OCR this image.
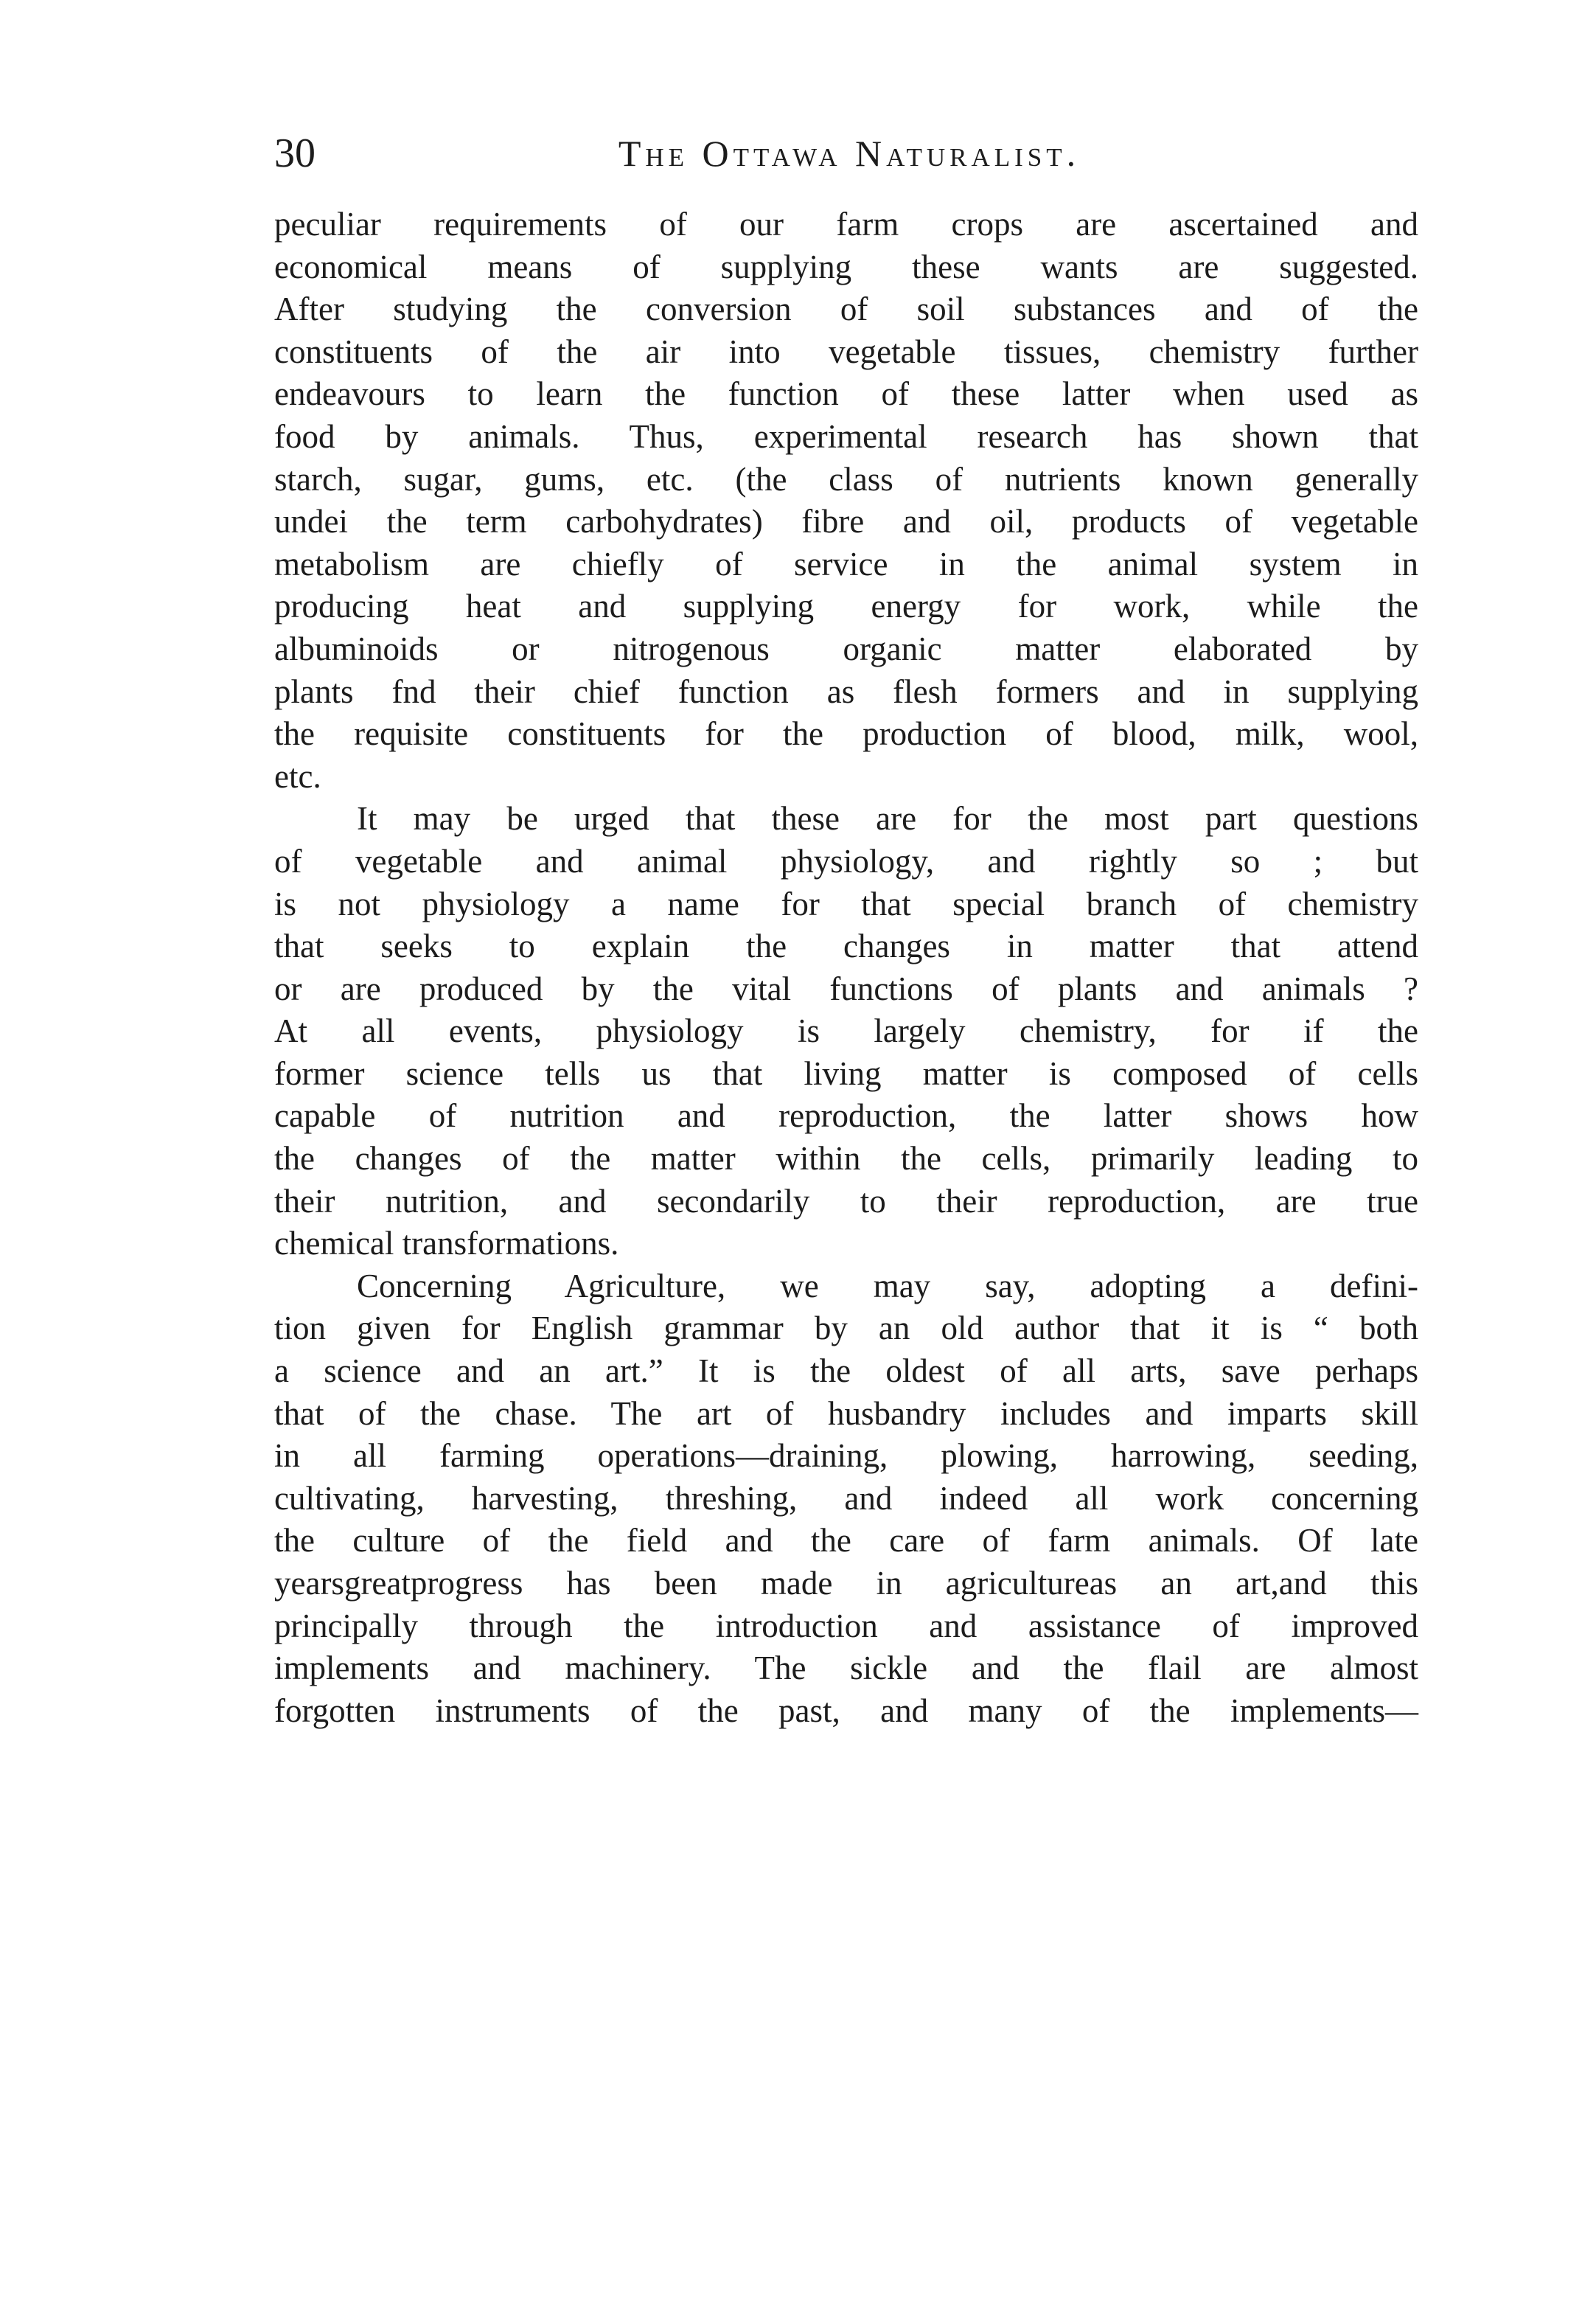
30	The Ottawa Naturalist.
peculiar requirements of our farm crops are ascertained and
economical means of supplying these wants are suggested.
After studying the conversion of soil substances and of the
constituents of the air into vegetable tissues, chemistry further
endeavours to learn the function of these latter when used as
food by animals. Thus, experimental research has shown that
starch, sugar, gums, etc. (the class of nutrients known generally
undei the term carbohydrates) fibre and oil, products of vegetable
metabolism are chiefly of service in the animal system in
producing heat and supplying energy for work, while the
albuminoids or nitrogenous organic matter elaborated by
plants fnd their chief function as flesh formers and in supplying
the requisite constituents for the production of blood, milk, wool,
etc.
It may be urged that these are for the most part questions
of vegetable and animal physiology, and rightly so ; but
is not physiology a name for that special branch of chemistry
that seeks to explain the changes in matter that attend
or are produced by the vital functions of plants and animals ?
At all events, physiology is largely chemistry, for if the
former science tells us that living matter is composed of cells
capable of nutrition and reproduction, the latter shows how
the changes of the matter within the cells, primarily leading to
their nutrition, and secondarily to their reproduction, are true
chemical transformations.
Concerning Agriculture, we may say, adopting a defini-
tion given for English grammar by an old author that it is “ both
a science and an art.” It is the oldest of all arts, save perhaps
that of the chase. The art of husbandry includes and imparts skill
in all farming operations—draining, plowing, harrowing, seeding,
cultivating, harvesting, threshing, and indeed all work concerning
the culture of the field and the care of farm animals. Of late
yearsgreatprogress has been made in agricultureas an art,and this
principally through the introduction and assistance of improved
implements and machinery. The sickle and the flail are almost
forgotten instruments of the past, and many of the implements—
